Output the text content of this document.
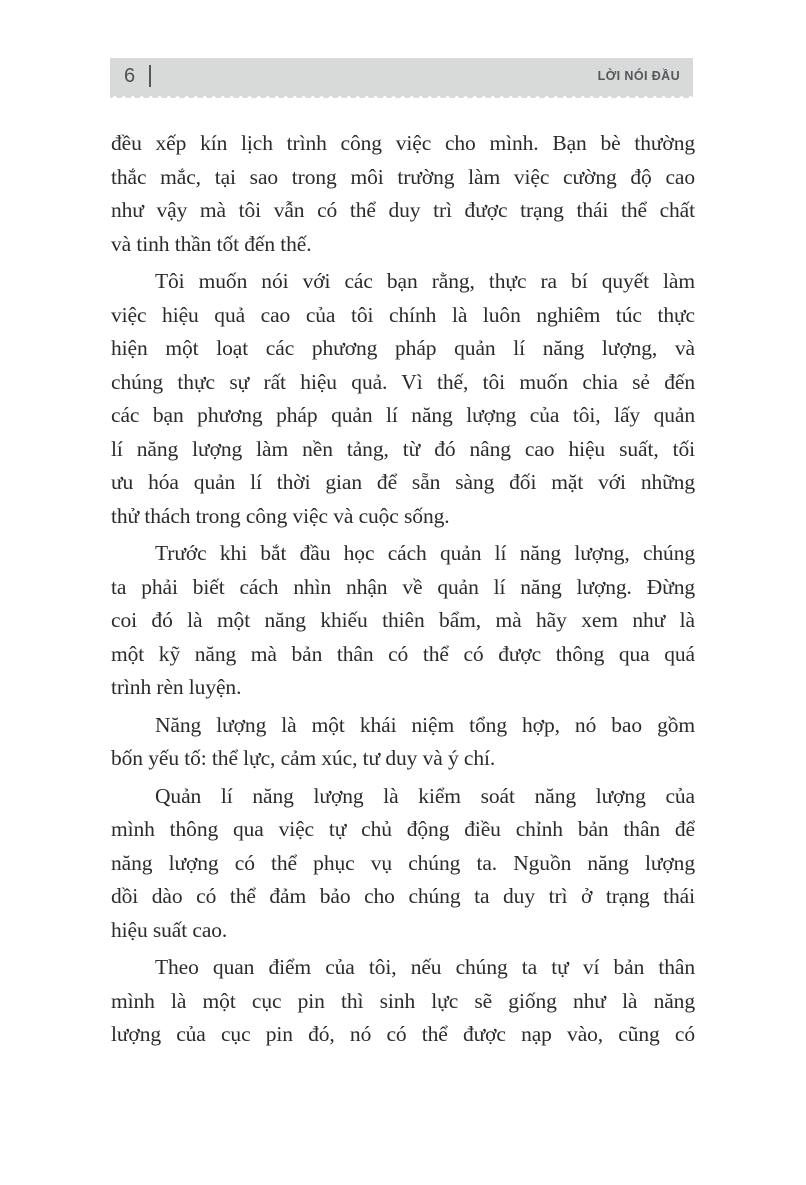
6	LỜI NÓI ĐẦU
đều xếp kín lịch trình công việc cho mình. Bạn bè thường
thắc mắc, tại sao trong môi trường làm việc cường độ cao
như vậy mà tôi vẫn có thể duy trì được trạng thái thể chất
và tinh thần tốt đến thế.
Tôi muốn nói với các bạn rằng, thực ra bí quyết làm
việc hiệu quả cao của tôi chính là luôn nghiêm túc thực
hiện một loạt các phương pháp quản lí năng lượng, và
chúng thực sự rất hiệu quả. Vì thế, tôi muốn chia sẻ đến
các bạn phương pháp quản lí năng lượng của tôi, lấy quản
lí năng lượng làm nền tảng, từ đó nâng cao hiệu suất, tối
ưu hóa quản lí thời gian để sẵn sàng đối mặt với những
thử thách trong công việc và cuộc sống.
Trước khi bắt đầu học cách quản lí năng lượng, chúng
ta phải biết cách nhìn nhận về quản lí năng lượng. Đừng
coi đó là một năng khiếu thiên bẩm, mà hãy xem như là
một kỹ năng mà bản thân có thể có được thông qua quá
trình rèn luyện.
Năng lượng là một khái niệm tổng hợp, nó bao gồm
bốn yếu tố: thể lực, cảm xúc, tư duy và ý chí.
Quản lí năng lượng là kiểm soát năng lượng của
mình thông qua việc tự chủ động điều chỉnh bản thân để
năng lượng có thể phục vụ chúng ta. Nguồn năng lượng
dồi dào có thể đảm bảo cho chúng ta duy trì ở trạng thái
hiệu suất cao.
Theo quan điểm của tôi, nếu chúng ta tự ví bản thân
mình là một cục pin thì sinh lực sẽ giống như là năng
lượng của cục pin đó, nó có thể được nạp vào, cũng có
